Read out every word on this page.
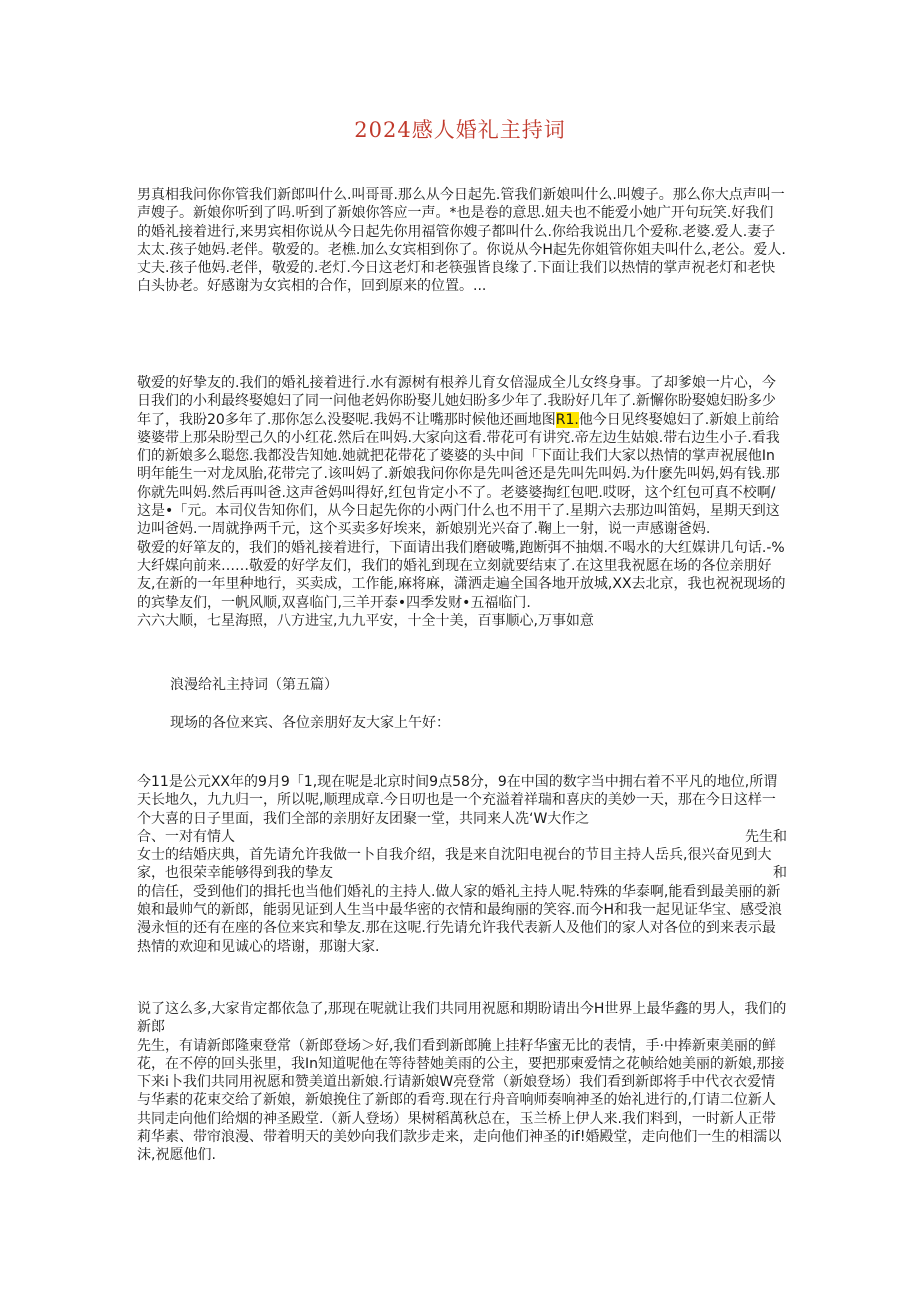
2024感人婚礼主持词

男真相我问你你管我们新郎叫什么.叫哥哥.那么从今日起先.管我们新娘叫什么.叫嫂子。那么你大点声叫一声嫂子。新娘你听到了吗.听到了新娘你答应一声。*也是卷的意思.妞夫也不能爱小她广开句玩笑.好我们的婚礼接着进行,来男宾相你说从今日起先你用福管你嫂子都叫什么.你给我说出几个爱称.老婆.爱人.妻子太太.孩子她妈.老伴。敬爱的。老樵.加么女宾相到你了。你说从今H起先你姐管你姐夫叫什么,老公。爱人.丈夫.孩子他妈.老伴，敬爱的.老灯.今日这老灯和老筷强皆良缘了.下面让我们以热情的掌声祝老灯和老快白头协老。好感谢为女宾相的合作，回到原来的位置。...

敬爱的好挚友的.我们的婚礼接着进行.水有源树有根养儿育女倍湿成全儿女终身事。了却爹娘一片心，今日我们的小利最终娶媳妇了同一问他老妈你盼娶儿她妇盼多少年了.我盼好几年了.新懈你盼娶媳妇盼多少年了，我盼20多年了.那你怎么没娶呢.我妈不让嘴那时候他还画地图R1.他今日见终娶媳妇了.新娘上前给婆婆带上那朵盼型己久的小红花.然后在叫妈.大家向这看.带花可有讲究.帝左边生姑娘.带右边生小子.看我们的新娘多么聪您.我都没告知她.她就把花带花了婆婆的头中间「下面让我们大家以热情的掌声祝展他In明年能生一对龙凤胎,花带完了.该叫妈了.新娘我问你你是先叫爸还是先叫先叫妈.为什麽先叫妈,妈有钱.那你就先叫妈.然后再叫爸.这声爸妈叫得好,红包肯定小不了。老婆婆掏红包吧.哎呀，这个红包可真不校啊/这是•「元。本司仪告知你们，从今日起先你的小两门什么也不用干了.星期六去那边叫笛妈，星期天到这边叫爸妈.一周就挣两千元，这个买卖多好埃来，新娘别光兴奋了.鞠上一射，说一声感谢爸妈.

敬爱的好箪友的，我们的婚礼接着进行，下面请出我们磨破嘴,跑断弭不抽烟.不喝水的大红媒讲几句话.-%大纤媒向前来……敬爱的好学友们，我们的婚礼到现在立刻就要结束了.在这里我祝愿在场的各位亲朋好友,在新的一年里种地行，买卖成，工作能,麻将麻，潇洒走遍全国各地开放城,XX去北京，我也祝祝现场的的宾挚友们，一帆风顺,双喜临门,三羊开泰•四季发财•五福临门.

六六大顺，七星海照，八方进宝,九九平安，十全十美，百事顺心,万事如意

浪漫给礼主持词（第五篇）
现场的各位来宾、各位亲朋好友大家上午好：

今11是公元XX年的9月9「1,现在呢是北京时间9点58分，9在中国的数字当中拥右着不平凡的地位,所谓天长地久，九九归一，所以呢,顺理成章.今日叨也是一个充溢着祥瑞和喜庆的美妙一天，那在今日这样一个大喜的日子里面，我们全部的亲朋好友团聚一堂，共同来人冼‘W大作之

合、一对有情人	先生和

女士的结婚庆典，首先请允许我做一卜自我介绍，我是来自沈阳电视台的节目主持人岳兵,很兴奋见到大家，也很荣幸能够得到我的挚友	和

的信任，受到他们的揖托也当他们婚礼的主持人.做人家的婚礼主持人呢.特殊的华泰啊,能看到最美丽的新娘和最帅气的新郎，能弱见证到人生当中最华密的衣情和最绚丽的笑容.而今H和我一起见证华宝、感受浪漫永恒的还有在座的各位来宾和挚友.那在这呢.行先请允许我代表新人及他们的家人对各位的到来表示最热情的欢迎和见诚心的塔谢，那谢大家.

说了这么多,大家肯定都依急了,那现在呢就让我们共同用祝愿和期盼请出今H世界上最华鑫的男人，我们的新郎

先生，有请新郎隆柬登常（新郎登场＞好,我们看到新郎腌上挂籽华蜜无比的表情，手·中捧新柬美丽的鲜花，在不停的回头张里，我In知道呢他在等待替她美雨的公主，要把那柬爱情之花帧给她美丽的新娘,那接下来i卜我们共同用祝愿和赞美道出新娘.行请新娘W亮登常（新娘登场）我们看到新郎将手中代衣衣爱情与华素的花束交给了新娘，新娘挽住了新郎的看弯.现在行舟音响师奏响神圣的始礼进行的,仃请二位新人共同走向他们给烟的神圣殿堂.（新人登场）果树稻萬秋总在，玉兰桥上伊人来.我们料到，一时新人正带莉华素、带帘浪漫、带着明天的美妙向我们款步走来，走向他们神圣的if!婚殿堂，走向他们一生的相濡以沫,祝愿他们.
